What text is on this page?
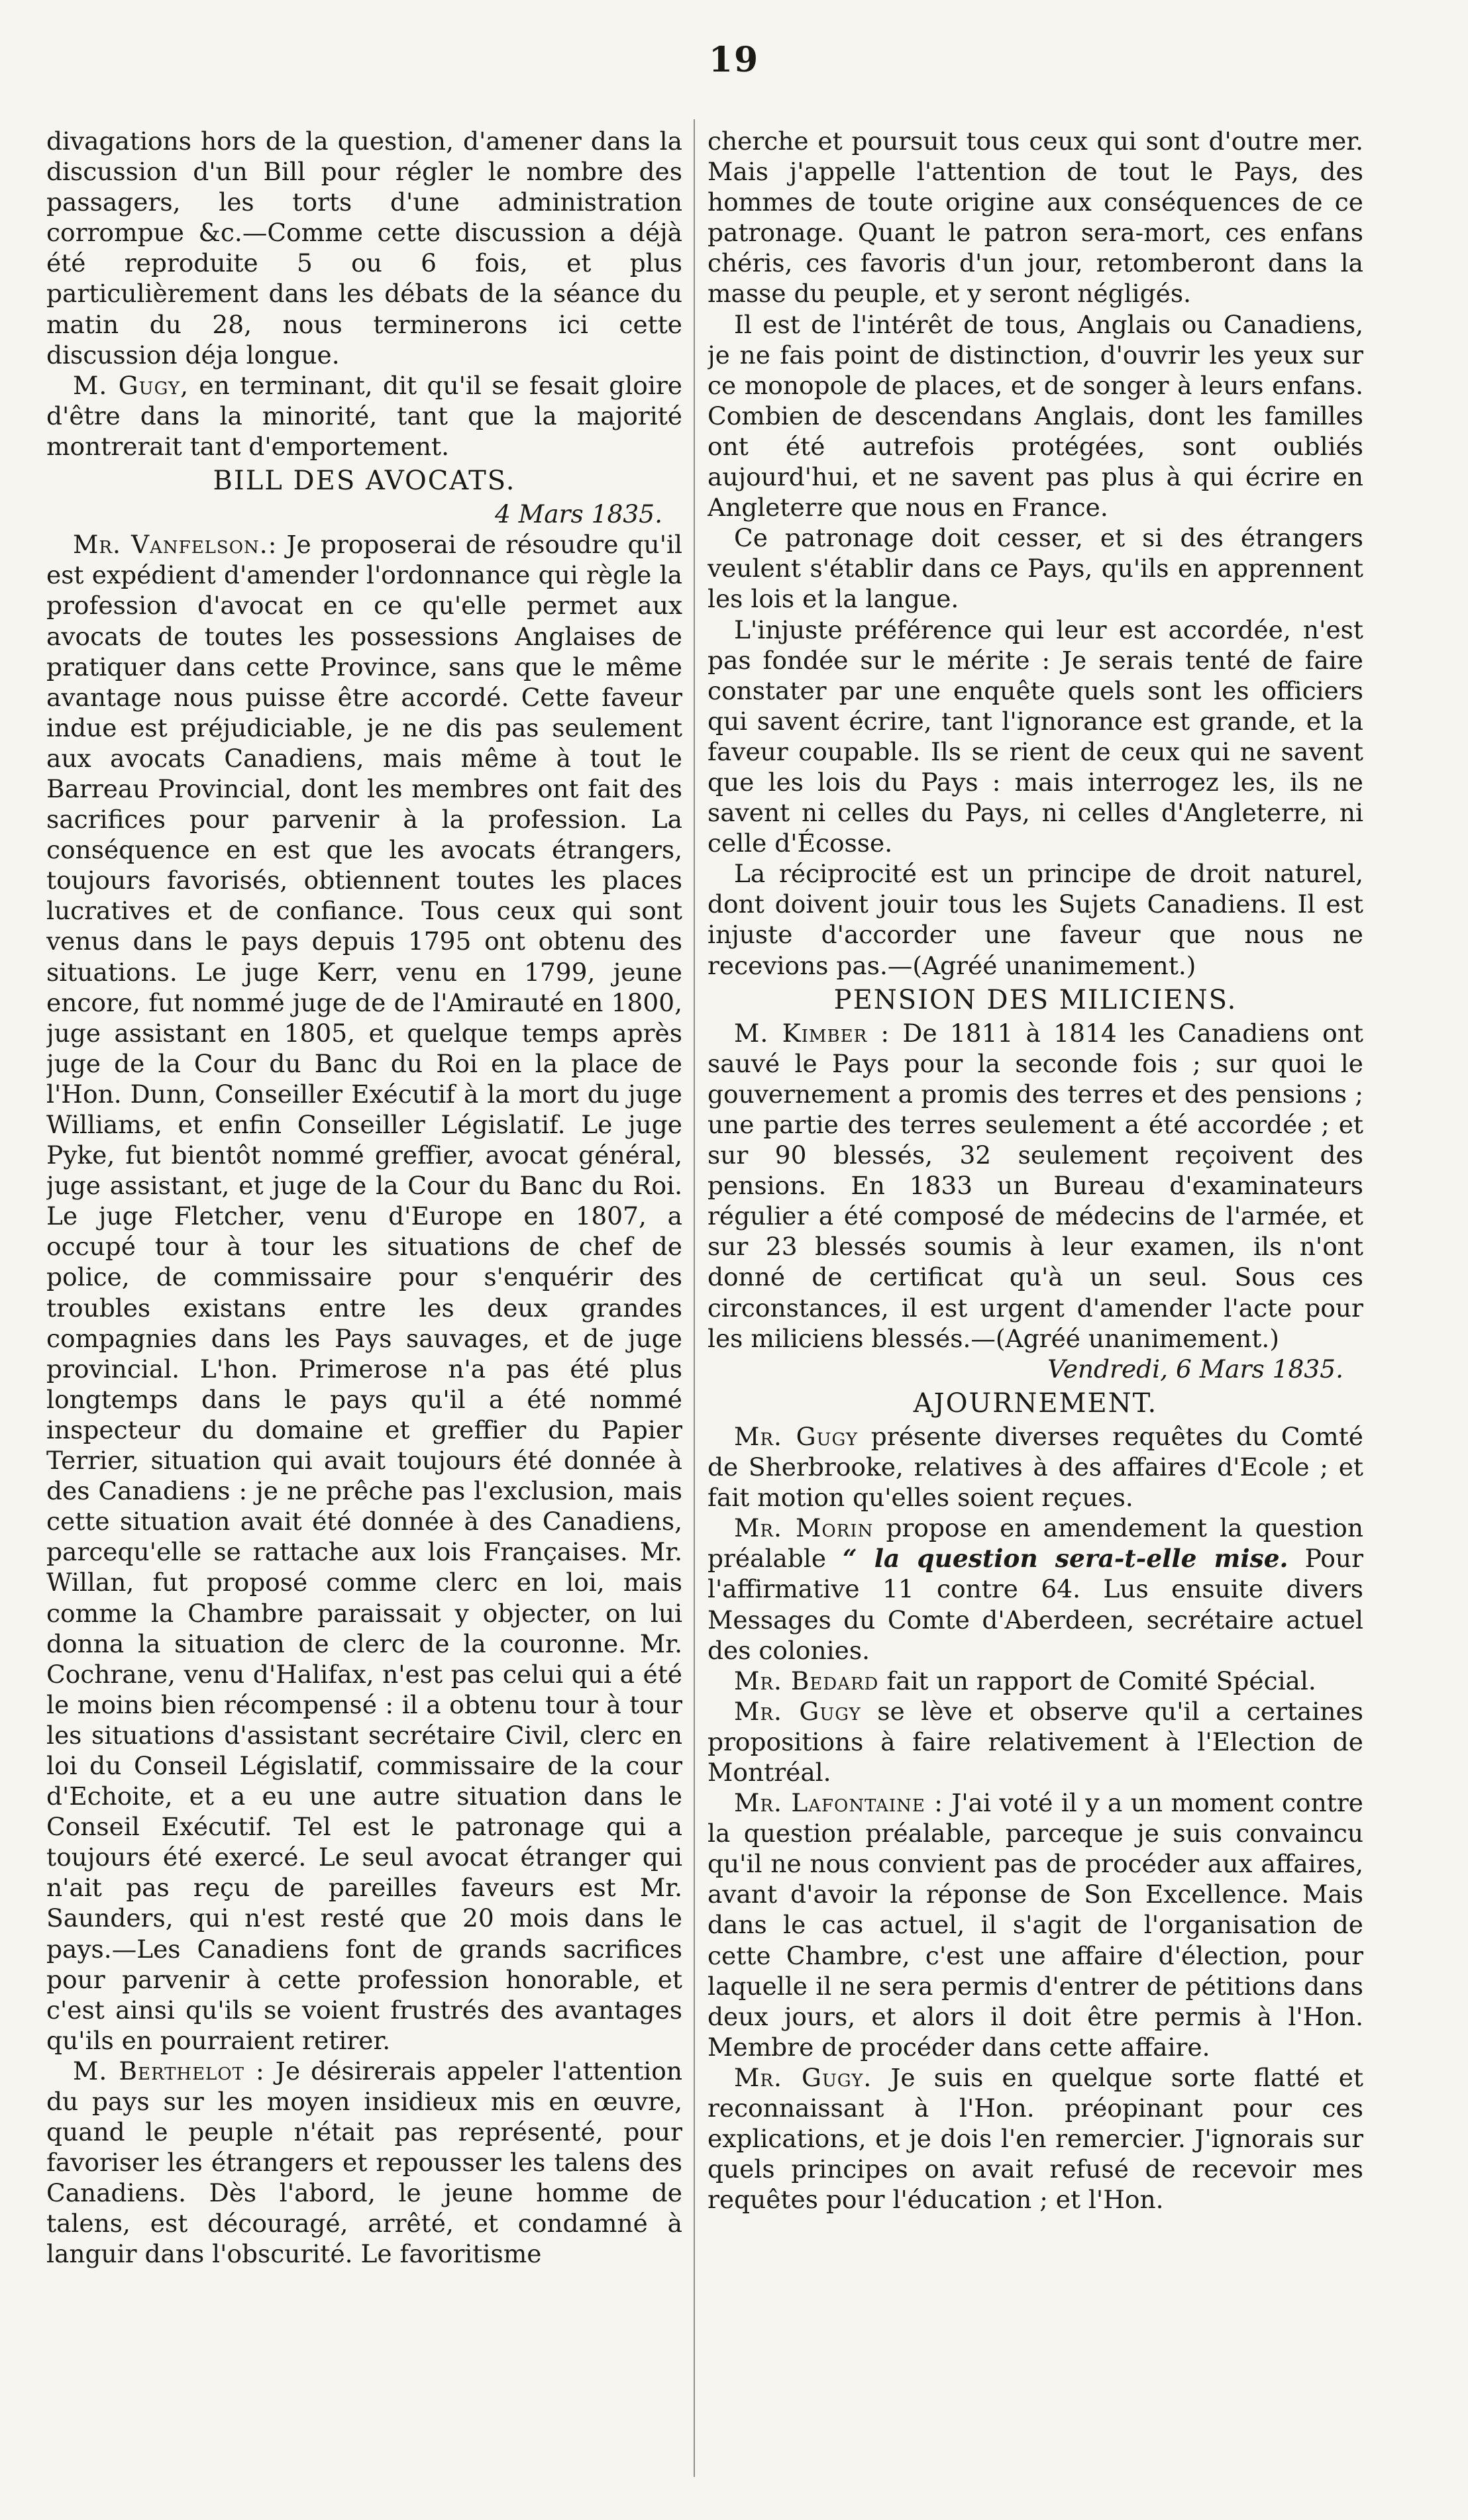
19

divagations hors de la question, d'amener dans la discussion d'un Bill pour régler le nombre des passagers, les torts d'une administration corrompue &c.—Comme cette discussion a déjà été reproduite 5 ou 6 fois, et plus particulièrement dans les débats de la séance du matin du 28, nous terminerons ici cette discussion déja longue.

M. Gugy, en terminant, dit qu'il se fesait gloire d'être dans la minorité, tant que la majorité montrerait tant d'emportement.

BILL DES AVOCATS.
4 Mars 1835.

Mr. Vanfelson.: Je proposerai de résoudre qu'il est expédient d'amender l'ordonnance qui règle la profession d'avocat en ce qu'elle permet aux avocats de toutes les possessions Anglaises de pratiquer dans cette Province, sans que le même avantage nous puisse être accordé. Cette faveur indue est préjudiciable, je ne dis pas seulement aux avocats Canadiens, mais même à tout le Barreau Provincial, dont les membres ont fait des sacrifices pour parvenir à la profession. La conséquence en est que les avocats étrangers, toujours favorisés, obtiennent toutes les places lucratives et de confiance. Tous ceux qui sont venus dans le pays depuis 1795 ont obtenu des situations. Le juge Kerr, venu en 1799, jeune encore, fut nommé juge de de l'Amirauté en 1800, juge assistant en 1805, et quelque temps après juge de la Cour du Banc du Roi en la place de l'Hon. Dunn, Conseiller Exécutif à la mort du juge Williams, et enfin Conseiller Législatif. Le juge Pyke, fut bientôt nommé greffier, avocat général, juge assistant, et juge de la Cour du Banc du Roi. Le juge Fletcher, venu d'Europe en 1807, a occupé tour à tour les situations de chef de police, de commissaire pour s'enquérir des troubles existans entre les deux grandes compagnies dans les Pays sauvages, et de juge provincial. L'hon. Primerose n'a pas été plus longtemps dans le pays qu'il a été nommé inspecteur du domaine et greffier du Papier Terrier, situation qui avait toujours été donnée à des Canadiens : je ne prêche pas l'exclusion, mais cette situation avait été donnée à des Canadiens, parcequ'elle se rattache aux lois Françaises. Mr. Willan, fut proposé comme clerc en loi, mais comme la Chambre paraissait y objecter, on lui donna la situation de clerc de la couronne. Mr. Cochrane, venu d'Halifax, n'est pas celui qui a été le moins bien récompensé : il a obtenu tour à tour les situations d'assistant secrétaire Civil, clerc en loi du Conseil Législatif, commissaire de la cour d'Echoite, et a eu une autre situation dans le Conseil Exécutif. Tel est le patronage qui a toujours été exercé. Le seul avocat étranger qui n'ait pas reçu de pareilles faveurs est Mr. Saunders, qui n'est resté que 20 mois dans le pays.—Les Canadiens font de grands sacrifices pour parvenir à cette profession honorable, et c'est ainsi qu'ils se voient frustrés des avantages qu'ils en pourraient retirer.

M. Berthelot : Je désirerais appeler l'attention du pays sur les moyen insidieux mis en œuvre, quand le peuple n'était pas représenté, pour favoriser les étrangers et repousser les talens des Canadiens. Dès l'abord, le jeune homme de talens, est découragé, arrêté, et condamné à languir dans l'obscurité. Le favoritisme

cherche et poursuit tous ceux qui sont d'outre mer. Mais j'appelle l'attention de tout le Pays, des hommes de toute origine aux conséquences de ce patronage. Quant le patron sera-mort, ces enfans chéris, ces favoris d'un jour, retomberont dans la masse du peuple, et y seront négligés.

Il est de l'intérêt de tous, Anglais ou Canadiens, je ne fais point de distinction, d'ouvrir les yeux sur ce monopole de places, et de songer à leurs enfans. Combien de descendans Anglais, dont les familles ont été autrefois protégées, sont oubliés aujourd'hui, et ne savent pas plus à qui écrire en Angleterre que nous en France.

Ce patronage doit cesser, et si des étrangers veulent s'établir dans ce Pays, qu'ils en apprennent les lois et la langue.

L'injuste préférence qui leur est accordée, n'est pas fondée sur le mérite : Je serais tenté de faire constater par une enquête quels sont les officiers qui savent écrire, tant l'ignorance est grande, et la faveur coupable. Ils se rient de ceux qui ne savent que les lois du Pays : mais interrogez les, ils ne savent ni celles du Pays, ni celles d'Angleterre, ni celle d'Écosse.

La réciprocité est un principe de droit naturel, dont doivent jouir tous les Sujets Canadiens. Il est injuste d'accorder une faveur que nous ne recevions pas.—(Agréé unanimement.)

PENSION DES MILICIENS.

M. Kimber : De 1811 à 1814 les Canadiens ont sauvé le Pays pour la seconde fois ; sur quoi le gouvernement a promis des terres et des pensions ; une partie des terres seulement a été accordée ; et sur 90 blessés, 32 seulement reçoivent des pensions. En 1833 un Bureau d'examinateurs régulier a été composé de médecins de l'armée, et sur 23 blessés soumis à leur examen, ils n'ont donné de certificat qu'à un seul. Sous ces circonstances, il est urgent d'amender l'acte pour les miliciens blessés.—(Agréé unanimement.)

Vendredi, 6 Mars 1835.
AJOURNEMENT.

Mr. Gugy présente diverses requêtes du Comté de Sherbrooke, relatives à des affaires d'Ecole ; et fait motion qu'elles soient reçues.

Mr. Morin propose en amendement la question préalable “ la question sera-t-elle mise. Pour l'affirmative 11 contre 64. Lus ensuite divers Messages du Comte d'Aberdeen, secrétaire actuel des colonies.

Mr. Bedard fait un rapport de Comité Spécial.

Mr. Gugy se lève et observe qu'il a certaines propositions à faire relativement à l'Election de Montréal.

Mr. Lafontaine : J'ai voté il y a un moment contre la question préalable, parceque je suis convaincu qu'il ne nous convient pas de procéder aux affaires, avant d'avoir la réponse de Son Excellence. Mais dans le cas actuel, il s'agit de l'organisation de cette Chambre, c'est une affaire d'élection, pour laquelle il ne sera permis d'entrer de pétitions dans deux jours, et alors il doit être permis à l'Hon. Membre de procéder dans cette affaire.

Mr. Gugy. Je suis en quelque sorte flatté et reconnaissant à l'Hon. préopinant pour ces explications, et je dois l'en remercier. J'ignorais sur quels principes on avait refusé de recevoir mes requêtes pour l'éducation ; et l'Hon.
